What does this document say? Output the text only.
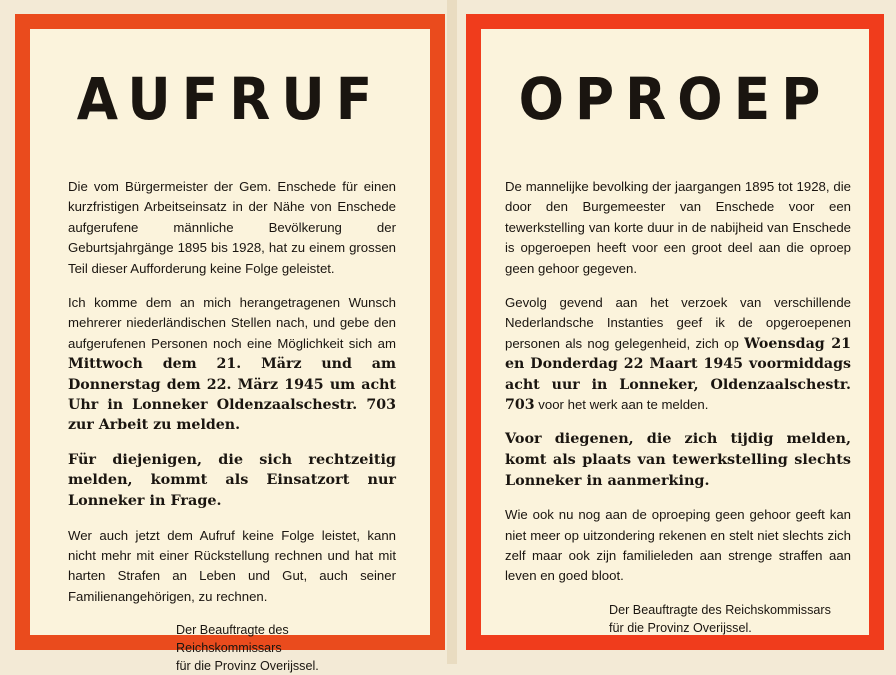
AUFRUF

Die vom Bürgermeister der Gem. Enschede für einen kurzfristigen Arbeitseinsatz in der Nähe von Enschede aufgerufene männliche Bevölkerung der Geburtsjahrgänge 1895 bis 1928, hat zu einem grossen Teil dieser Aufforderung keine Folge geleistet.

Ich komme dem an mich herangetragenen Wunsch mehrerer niederländischen Stellen nach, und gebe den aufgerufenen Personen noch eine Möglichkeit sich am Mittwoch dem 21. März und am Donnerstag dem 22. März 1945 um acht Uhr in Lonneker Oldenzaalschestr. 703 zur Arbeit zu melden.

Für diejenigen, die sich rechtzeitig melden, kommt als Einsatzort nur Lonneker in Frage.

Wer auch jetzt dem Aufruf keine Folge leistet, kann nicht mehr mit einer Rückstellung rechnen und hat mit harten Strafen an Leben und Gut, auch seiner Familienangehörigen, zu rechnen.

Der Beauftragte des Reichskommissars
für die Provinz Overijssel.
OPROEP

De mannelijke bevolking der jaargangen 1895 tot 1928, die door den Burgemeester van Enschede voor een tewerkstelling van korte duur in de nabijheid van Enschede is opgeroepen heeft voor een groot deel aan die oproep geen gehoor gegeven.

Gevolg gevend aan het verzoek van verschillende Nederlandsche Instanties geef ik de opgeroepenen personen als nog gelegenheid, zich op Woensdag 21 en Donderdag 22 Maart 1945 voormiddags acht uur in Lonneker, Oldenzaalschestr. 703 voor het werk aan te melden.

Voor diegenen, die zich tijdig melden, komt als plaats van tewerkstelling slechts Lonneker in aanmerking.

Wie ook nu nog aan de oproeping geen gehoor geeft kan niet meer op uitzondering rekenen en stelt niet slechts zich zelf maar ook zijn familieleden aan strenge straffen aan leven en goed bloot.

Der Beauftragte des Reichskommissars
für die Provinz Overijssel.
